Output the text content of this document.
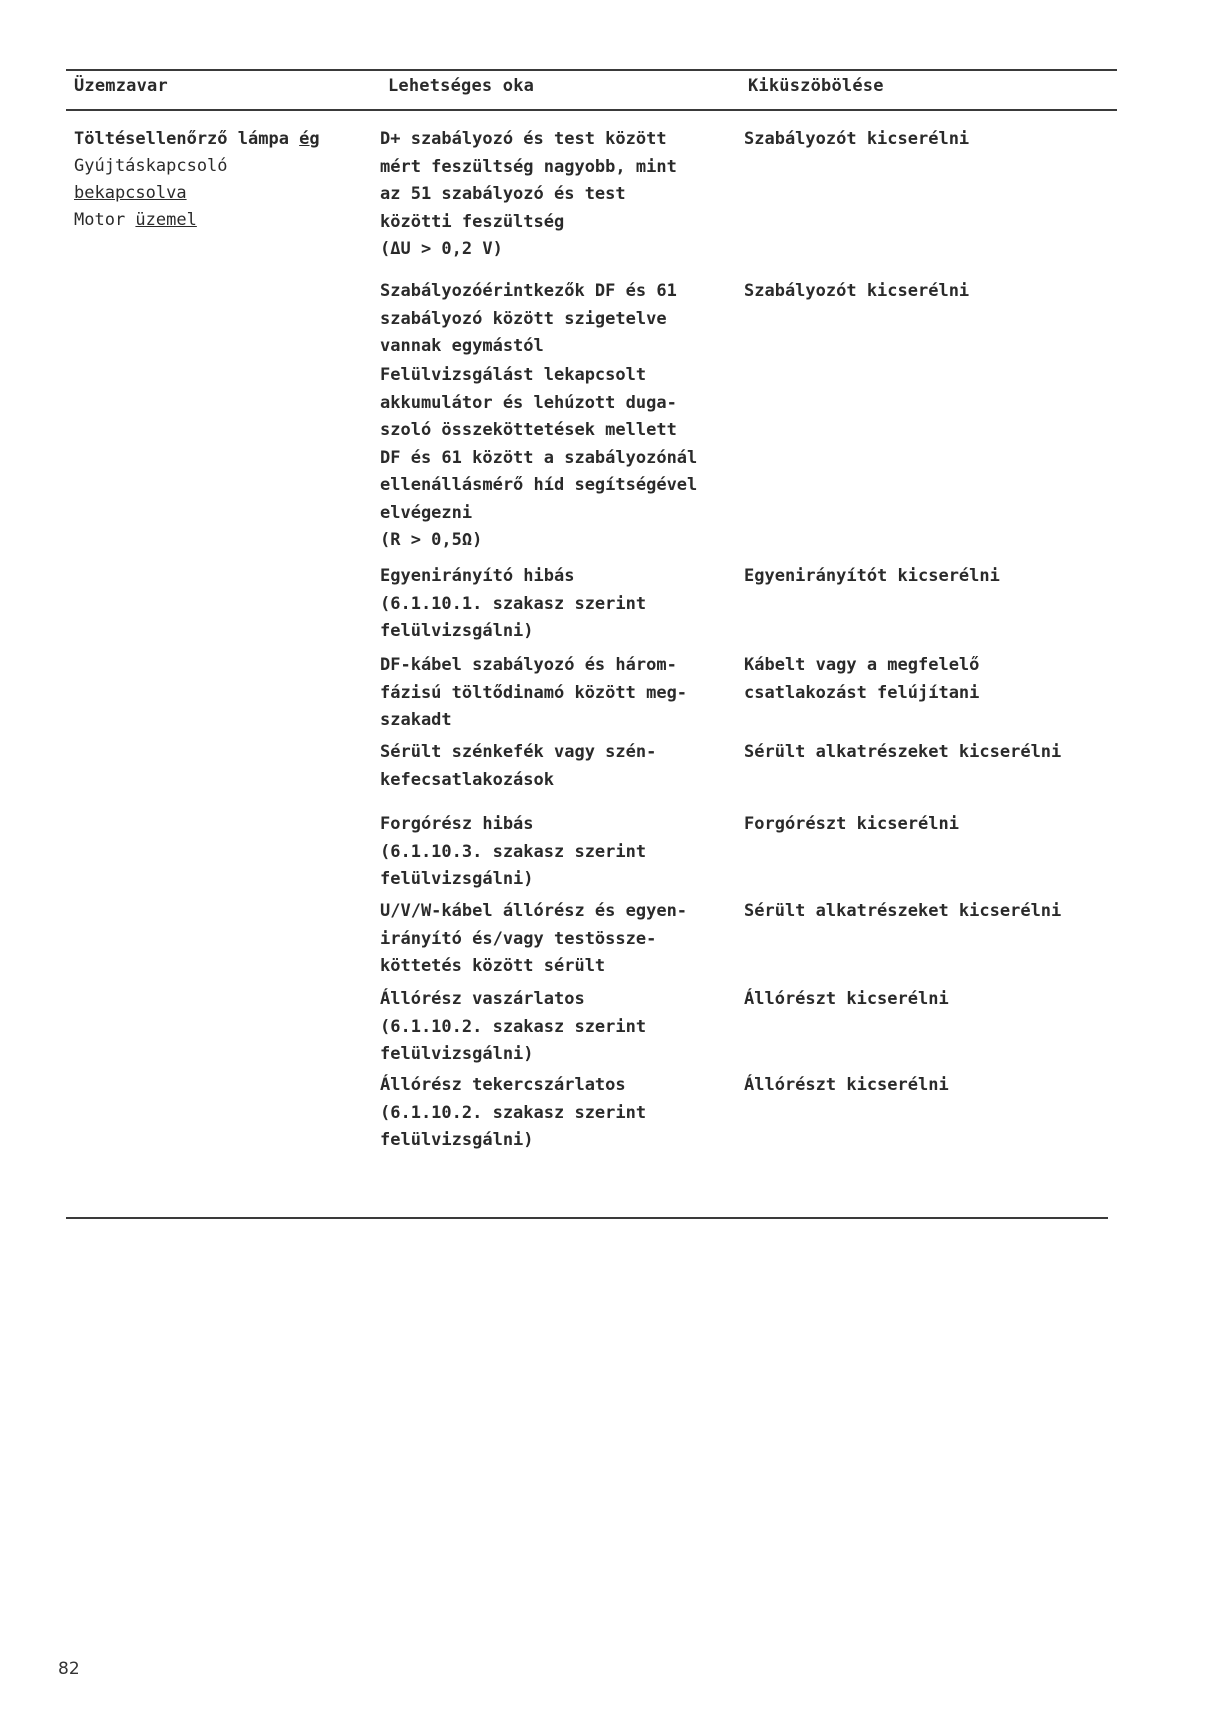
Üzemzavar	Lehetséges oka	Kiküszöbölése
Töltésellenőrző lámpa ég
Gyújtáskapcsoló
bekapcsolva
Motor üzemel
D+ szabályozó és test között
mért feszültség nagyobb, mint
az 51 szabályozó és test
közötti feszültség
(ΔU > 0,2 V)
Szabályozót kicserélni
Szabályozóérintkezők DF és 61
szabályozó között szigetelve
vannak egymástól
Szabályozót kicserélni
Felülvizsgálást lekapcsolt
akkumulátor és lehúzott duga-
szoló összeköttetések mellett
DF és 61 között a szabályozónál
ellenállásmérő híd segítségével
elvégezni
(R > 0,5Ω)
Egyenirányító hibás
(6.1.10.1. szakasz szerint
felülvizsgálni)
Egyenirányítót kicserélni
DF-kábel szabályozó és három-
fázisú töltődinamó között meg-
szakadt
Kábelt vagy a megfelelő
csatlakozást felújítani
Sérült szénkefék vagy szén-
kefecsatlakozások
Sérült alkatrészeket kicserélni
Forgórész hibás
(6.1.10.3. szakasz szerint
felülvizsgálni)
Forgórészt kicserélni
U/V/W-kábel állórész és egyen-
irányító és/vagy testössze-
köttetés között sérült
Sérült alkatrészeket kicserélni
Állórész vaszárlatos
(6.1.10.2. szakasz szerint
felülvizsgálni)
Állórészt kicserélni
Állórész tekercszárlatos
(6.1.10.2. szakasz szerint
felülvizsgálni)
Állórészt kicserélni
82
